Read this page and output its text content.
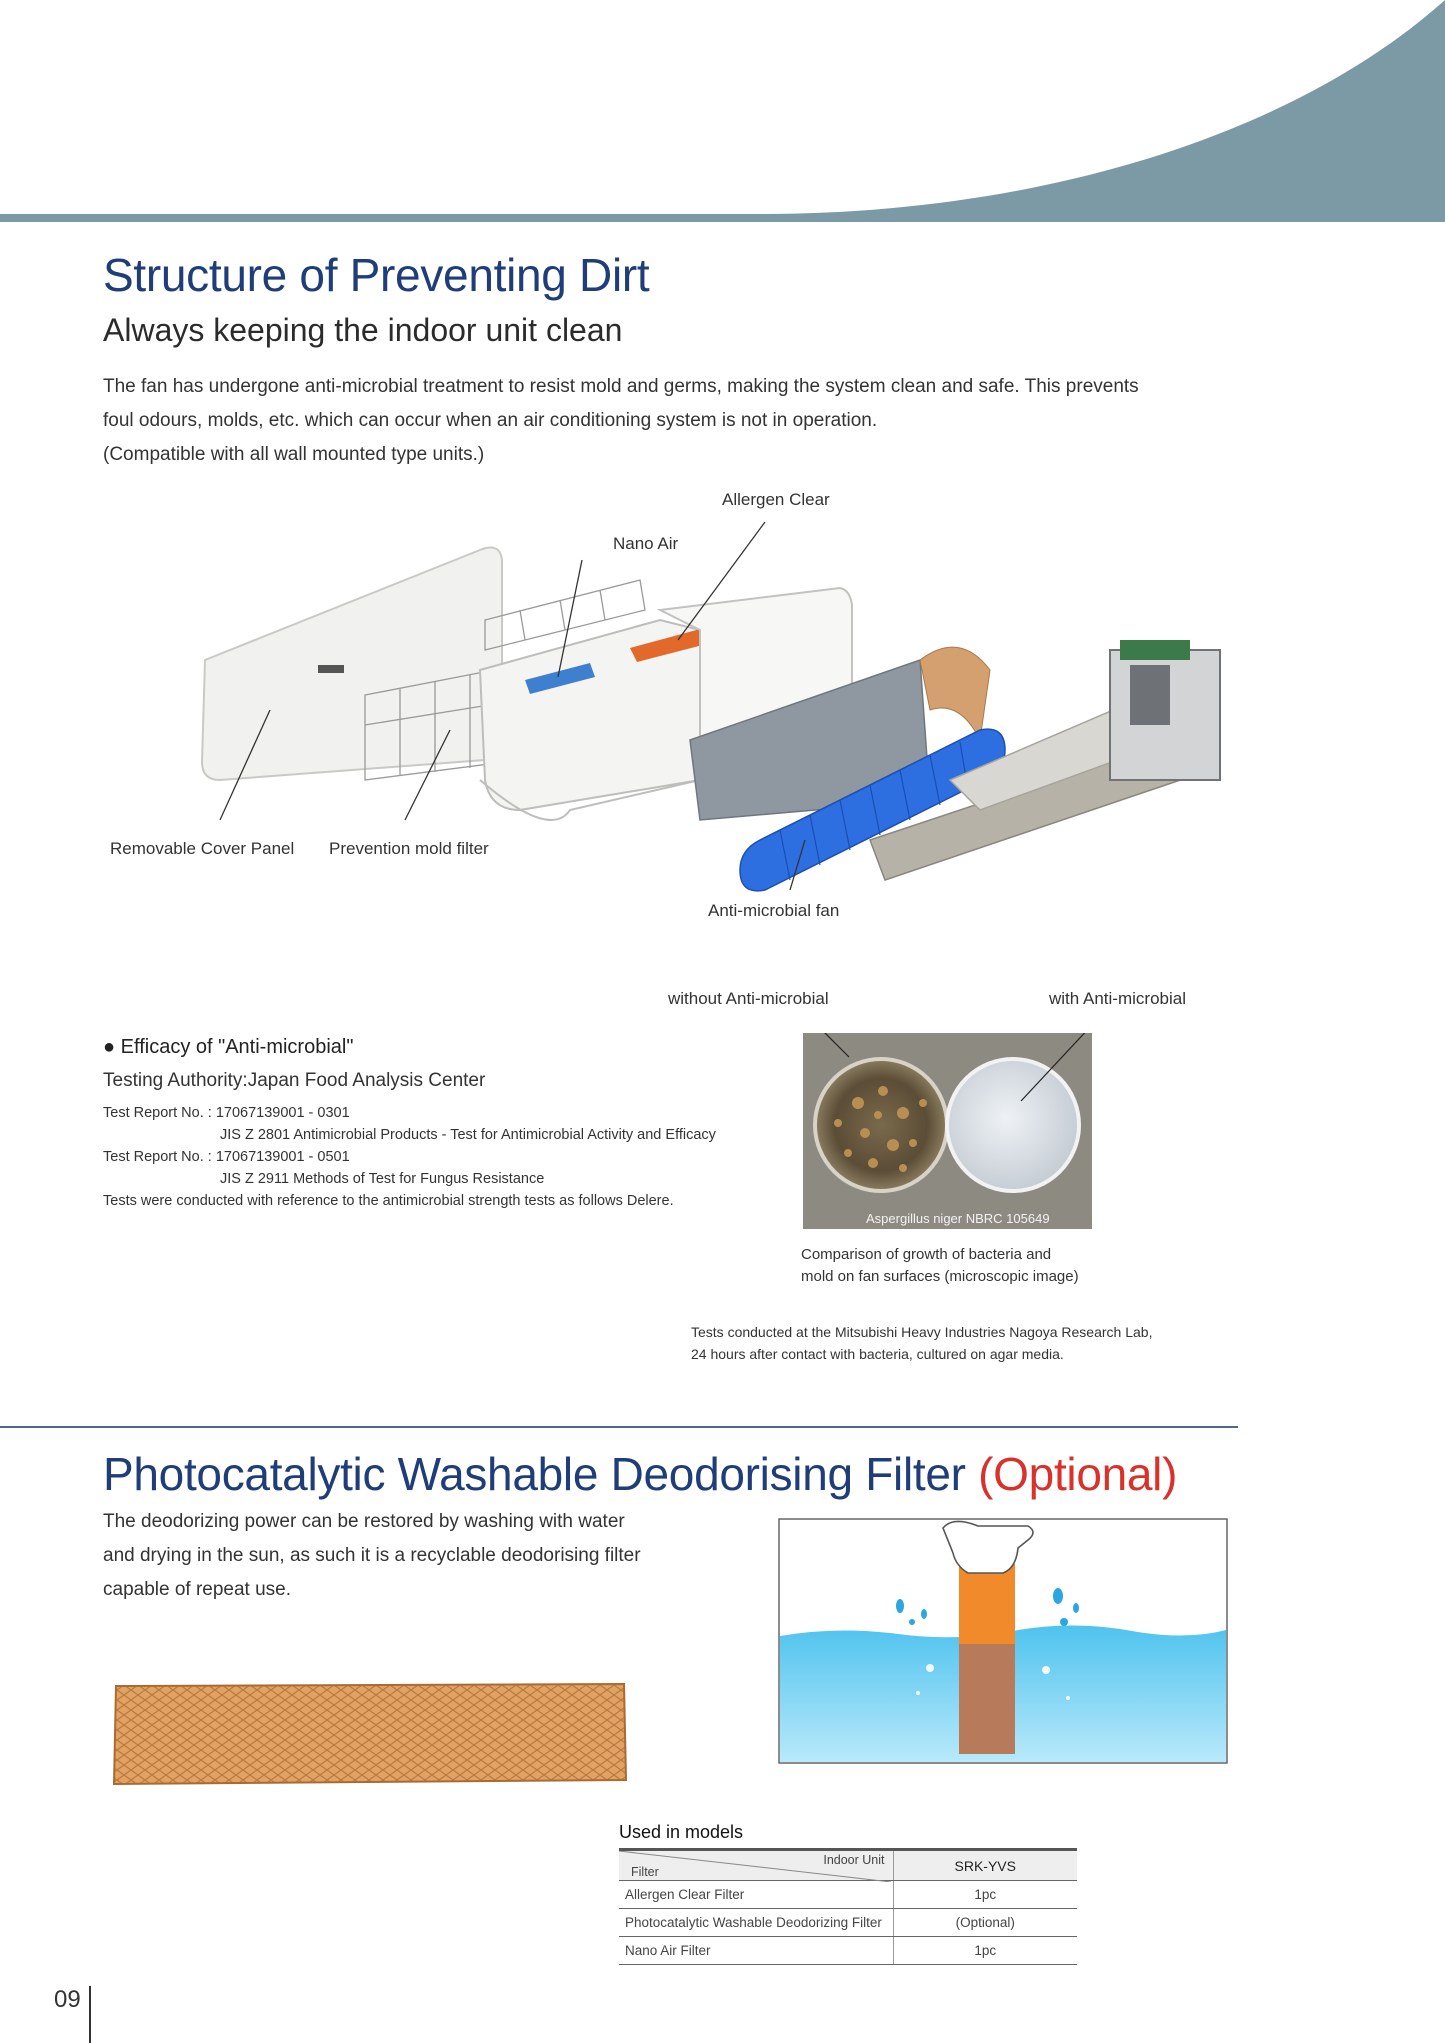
Structure of Preventing Dirt
Always keeping the indoor unit clean
The fan has undergone anti-microbial treatment to resist mold and germs, making the system clean and safe. This prevents
foul odours, molds, etc. which can occur when an air conditioning system is not in operation.
(Compatible with all wall mounted type units.)
Allergen Clear
Nano Air
Removable Cover Panel Prevention mold filter
Anti-microbial fan
● Efficacy of "Anti-microbial"
Testing Authority:Japan Food Analysis Center
Test Report No. : 17067139001 - 0301
JIS Z 2801 Antimicrobial Products - Test for Antimicrobial Activity and Efficacy
Test Report No. : 17067139001 - 0501
JIS Z 2911 Methods of Test for Fungus Resistance
Tests were conducted with reference to the antimicrobial strength tests as follows Delere.
without Anti-microbial	with Anti-microbial
Aspergillus niger NBRC 105649
Comparison of growth of bacteria and
mold on fan surfaces (microscopic image)
Tests conducted at the Mitsubishi Heavy Industries Nagoya Research Lab,
24 hours after contact with bacteria, cultured on agar media.
Photocatalytic Washable Deodorising Filter (Optional)
The deodorizing power can be restored by washing with water
and drying in the sun, as such it is a recyclable deodorising filter
capable of repeat use.
Used in models
Indoor Unit
Filter	SRK-YVS
Allergen Clear Filter	1pc
Photocatalytic Washable Deodorizing Filter	(Optional)
Nano Air Filter	1pc
09
